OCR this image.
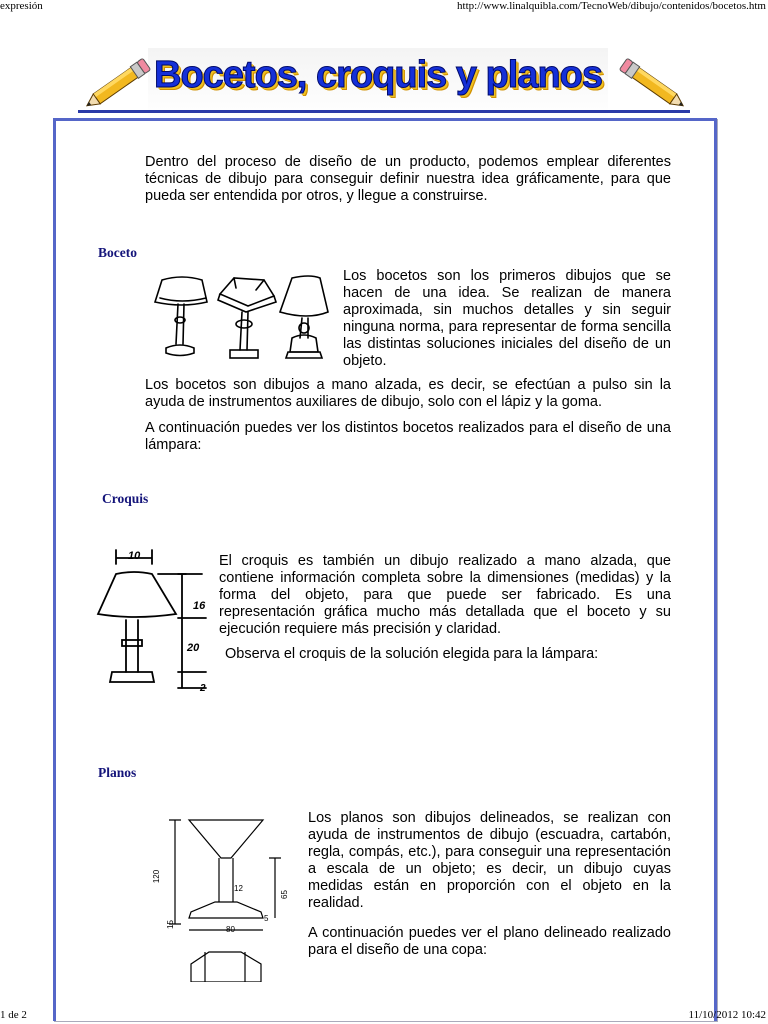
expresión	http://www.linalquibla.com/TecnoWeb/dibujo/contenidos/bocetos.htm
Bocetos, croquis y planos
Dentro del proceso de diseño de un producto, podemos emplear diferentes técnicas de dibujo para conseguir definir nuestra idea gráficamente, para que pueda ser entendida por otros, y llegue a construirse.
Boceto
Los bocetos son los primeros dibujos que se hacen de una idea. Se realizan de manera aproximada, sin muchos detalles y sin seguir ninguna norma, para representar de forma sencilla las distintas soluciones iniciales del diseño de un objeto.
Los bocetos son dibujos a mano alzada, es decir, se efectúan a pulso sin la ayuda de instrumentos auxiliares de dibujo, solo con el lápiz y la goma.
A continuación puedes ver los distintos bocetos realizados para el diseño de una lámpara:
Croquis
10
16
20
2
El croquis es también un dibujo realizado a mano alzada, que contiene información completa sobre la dimensiones (medidas) y la forma del objeto, para que puede ser fabricado. Es una representación gráfica mucho más detallada que el boceto y su ejecución requiere más precisión y claridad.
Observa el croquis de la solución elegida para la lámpara:
Planos
120
65
12
80
15
5
Los planos son dibujos delineados, se realizan con ayuda de instrumentos de dibujo (escuadra, cartabón, regla, compás, etc.), para conseguir una representación a escala de un objeto; es decir, un dibujo cuyas medidas están en proporción con el objeto en la realidad.
A continuación puedes ver el plano delineado realizado para el diseño de una copa:
1 de 2	11/10/2012 10:42
